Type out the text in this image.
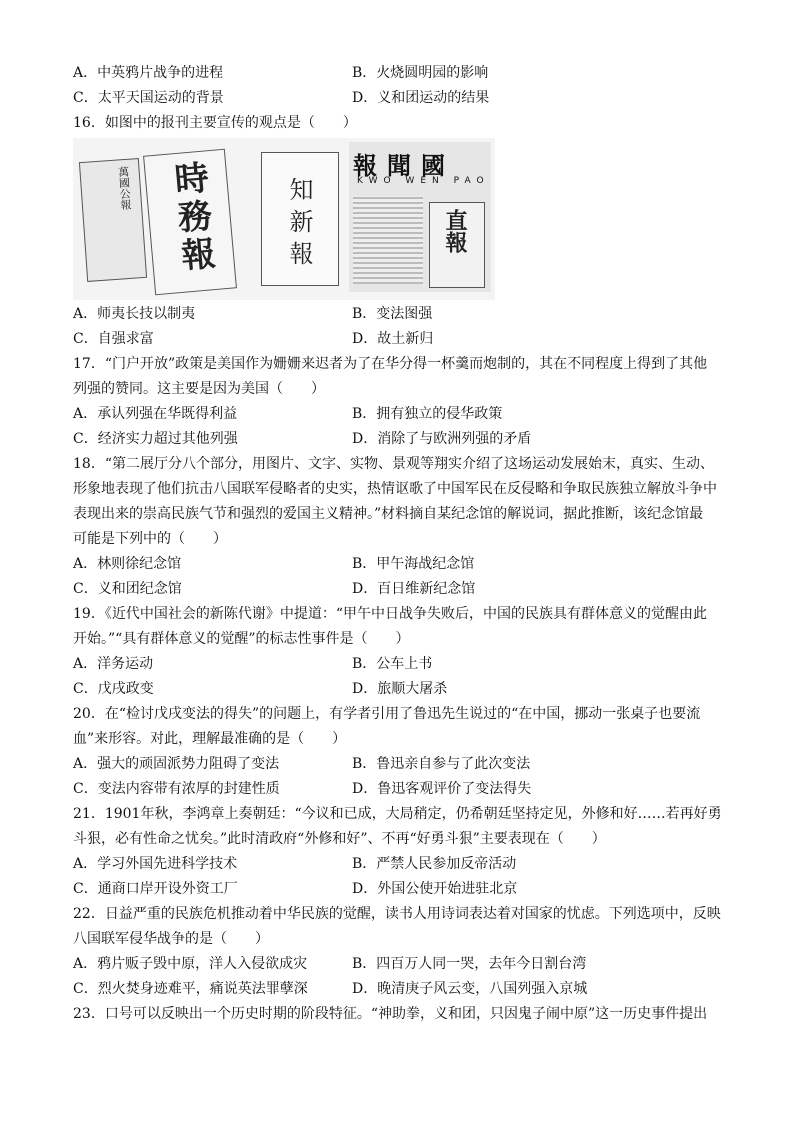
A．中英鸦片战争的进程	B．火烧圆明园的影响
C．太平天国运动的背景	D．义和团运动的结果
16．如图中的报刊主要宣传的观点是（　　）
萬國公報 時務報	知新報
國聞報
KWO WEN PAO
直報
A．师夷长技以制夷	B．变法图强
C．自强求富	D．故土新归
17．“门户开放”政策是美国作为姗姗来迟者为了在华分得一杯羹而炮制的，其在不同程度上得到了其他
列强的赞同。这主要是因为美国（　　）
A．承认列强在华既得利益	B．拥有独立的侵华政策
C．经济实力超过其他列强	D．消除了与欧洲列强的矛盾
18．“第二展厅分八个部分，用图片、文字、实物、景观等翔实介绍了这场运动发展始末，真实、生动、
形象地表现了他们抗击八国联军侵略者的史实，热情讴歌了中国军民在反侵略和争取民族独立解放斗争中
表现出来的崇高民族气节和强烈的爱国主义精神。”材料摘自某纪念馆的解说词，据此推断，该纪念馆最
可能是下列中的（　　）
A．林则徐纪念馆	B．甲午海战纪念馆
C．义和团纪念馆	D．百日维新纪念馆
19．《近代中国社会的新陈代谢》中提道：“甲午中日战争失败后，中国的民族具有群体意义的觉醒由此
开始。”“具有群体意义的觉醒”的标志性事件是（　　）
A．洋务运动	B．公车上书
C．戊戌政变	D．旅顺大屠杀
20．在“检讨戊戌变法的得失”的问题上，有学者引用了鲁迅先生说过的“在中国，挪动一张桌子也要流
血”来形容。对此，理解最准确的是（　　）
A．强大的顽固派势力阻碍了变法	B．鲁迅亲自参与了此次变法
C．变法内容带有浓厚的封建性质	D．鲁迅客观评价了变法得失
21．1901年秋，李鸿章上奏朝廷：“今议和已成，大局稍定，仍希朝廷坚持定见，外修和好……若再好勇
斗狠，必有性命之忧矣。”此时清政府“外修和好”、不再“好勇斗狠”主要表现在（　　）
A．学习外国先进科学技术	B．严禁人民参加反帝活动
C．通商口岸开设外资工厂	D．外国公使开始进驻北京
22．日益严重的民族危机推动着中华民族的觉醒，读书人用诗词表达着对国家的忧虑。下列选项中，反映
八国联军侵华战争的是（　　）
A．鸦片贩子毁中原，洋人入侵欲成灾	B．四百万人同一哭，去年今日割台湾
C．烈火焚身迹难平，痛说英法罪孽深	D．晚清庚子风云变，八国列强入京城
23．口号可以反映出一个历史时期的阶段特征。“神助拳，义和团，只因鬼子闹中原”这一历史事件提出
